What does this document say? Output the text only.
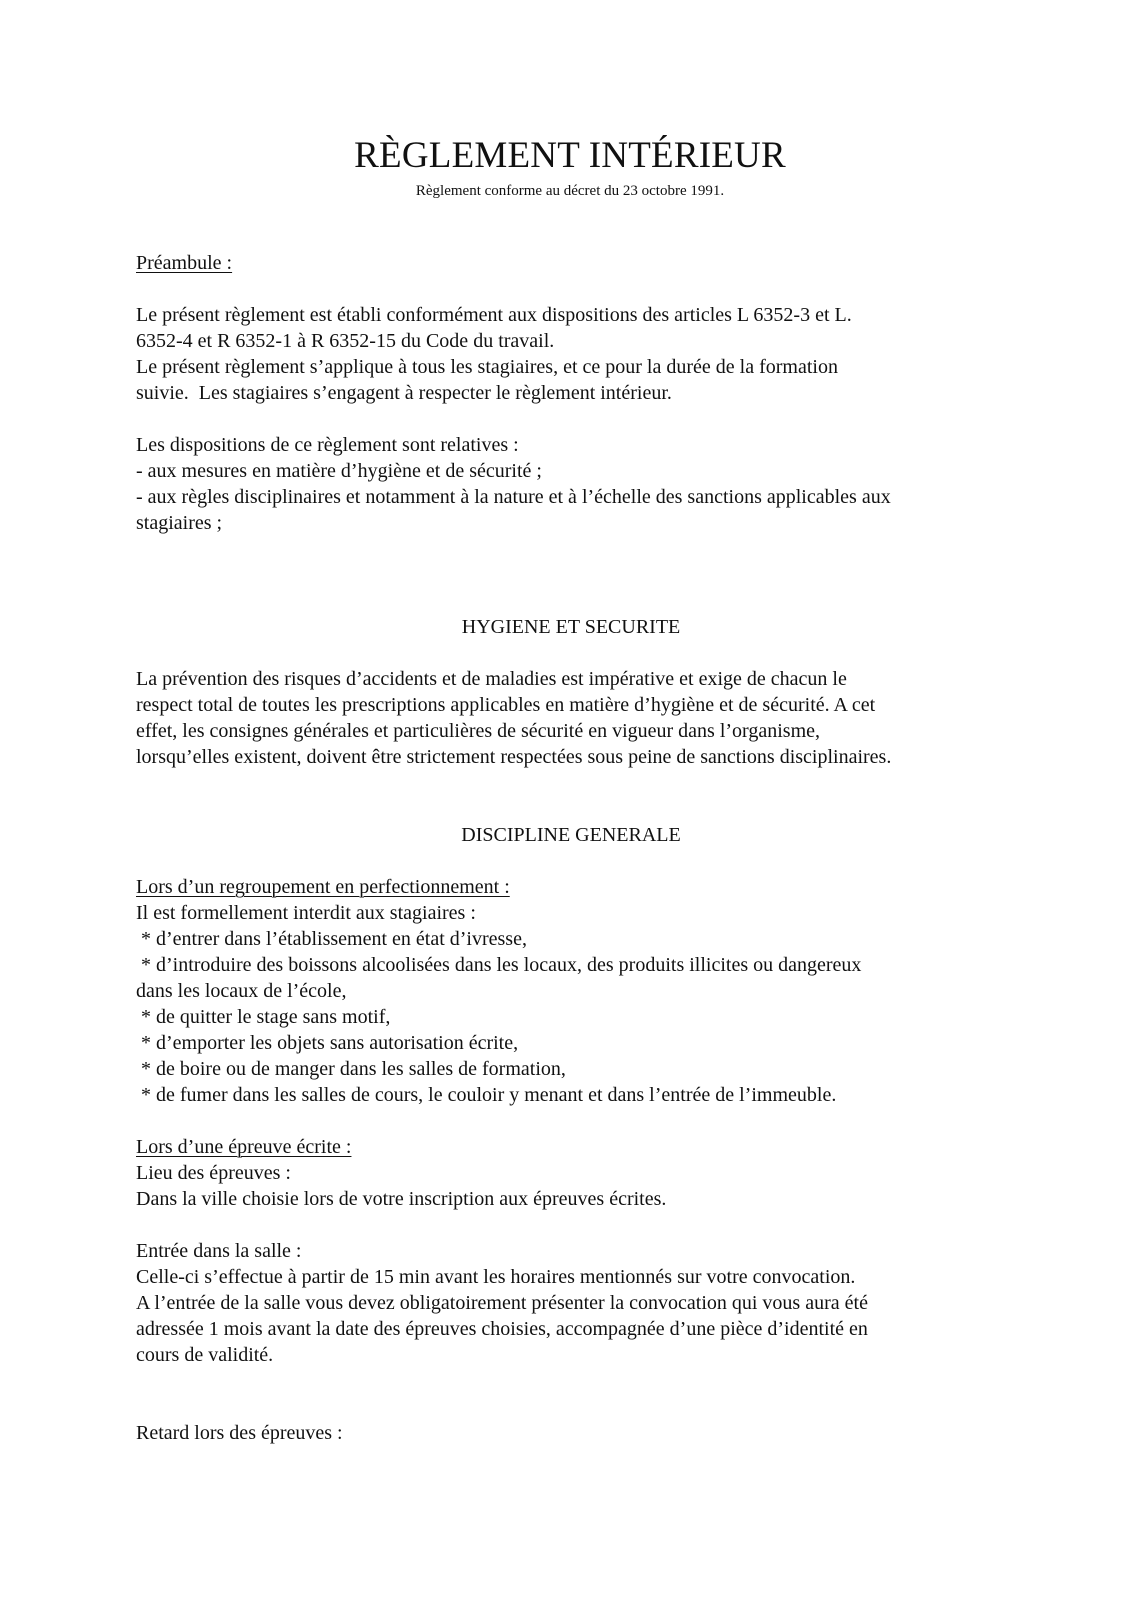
RÈGLEMENT INTÉRIEUR
Règlement conforme au décret du 23 octobre 1991.
Préambule :
Le présent règlement est établi conformément aux dispositions des articles L 6352-3 et L.
6352-4 et R 6352-1 à R 6352-15 du Code du travail.
Le présent règlement s’applique à tous les stagiaires, et ce pour la durée de la formation
suivie.  Les stagiaires s’engagent à respecter le règlement intérieur.
Les dispositions de ce règlement sont relatives :
- aux mesures en matière d’hygiène et de sécurité ;
- aux règles disciplinaires et notamment à la nature et à l’échelle des sanctions applicables aux
stagiaires ;
HYGIENE ET SECURITE
La prévention des risques d’accidents et de maladies est impérative et exige de chacun le
respect total de toutes les prescriptions applicables en matière d’hygiène et de sécurité. A cet
effet, les consignes générales et particulières de sécurité en vigueur dans l’organisme,
lorsqu’elles existent, doivent être strictement respectées sous peine de sanctions disciplinaires.
DISCIPLINE GENERALE
Lors d’un regroupement en perfectionnement :
Il est formellement interdit aux stagiaires :
* d’entrer dans l’établissement en état d’ivresse,
* d’introduire des boissons alcoolisées dans les locaux, des produits illicites ou dangereux
dans les locaux de l’école,
* de quitter le stage sans motif,
* d’emporter les objets sans autorisation écrite,
* de boire ou de manger dans les salles de formation,
* de fumer dans les salles de cours, le couloir y menant et dans l’entrée de l’immeuble.
Lors d’une épreuve écrite :
Lieu des épreuves :
Dans la ville choisie lors de votre inscription aux épreuves écrites.
Entrée dans la salle :
Celle-ci s’effectue à partir de 15 min avant les horaires mentionnés sur votre convocation.
A l’entrée de la salle vous devez obligatoirement présenter la convocation qui vous aura été
adressée 1 mois avant la date des épreuves choisies, accompagnée d’une pièce d’identité en
cours de validité.
Retard lors des épreuves :
